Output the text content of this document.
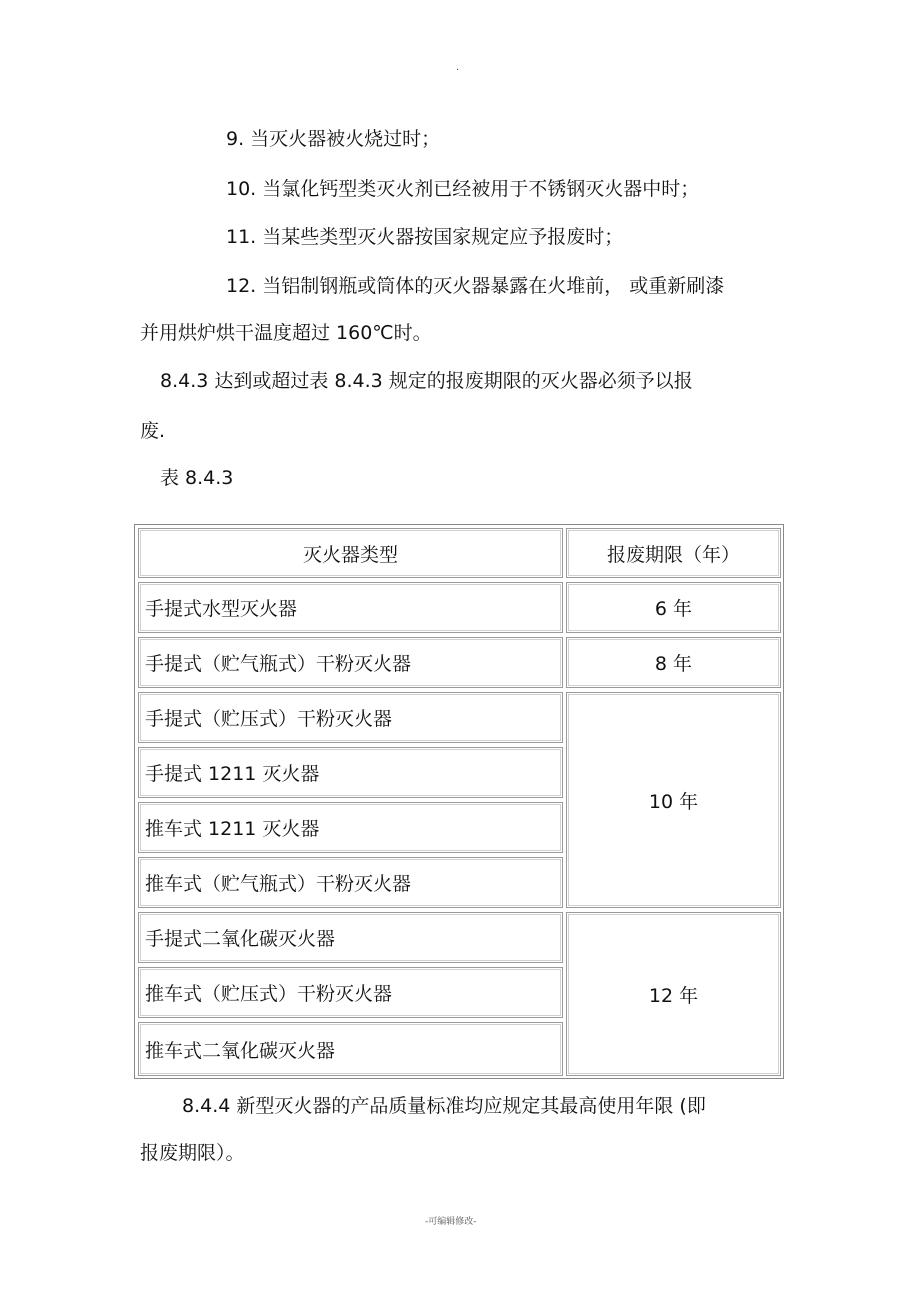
.
9. 当灭火器被火烧过时；
10. 当氯化钙型类灭火剂已经被用于不锈钢灭火器中时；
11. 当某些类型灭火器按国家规定应予报废时；
12. 当铝制钢瓶或筒体的灭火器暴露在火堆前， 或重新刷漆
并用烘炉烘干温度超过 160℃时。
8.4.3 达到或超过表 8.4.3 规定的报废期限的灭火器必须予以报
废.
表 8.4.3
灭火器类型	报废期限（年）
手提式水型灭火器
手提式（贮气瓶式）干粉灭火器
手提式（贮压式）干粉灭火器
手提式 1211 灭火器
推车式 1211 灭火器
推车式（贮气瓶式）干粉灭火器
手提式二氧化碳灭火器
推车式（贮压式）干粉灭火器
推车式二氧化碳灭火器
6 年
8 年
10 年
12 年
8.4.4 新型灭火器的产品质量标准均应规定其最高使用年限 (即
报废期限）。
-可编辑修改-
